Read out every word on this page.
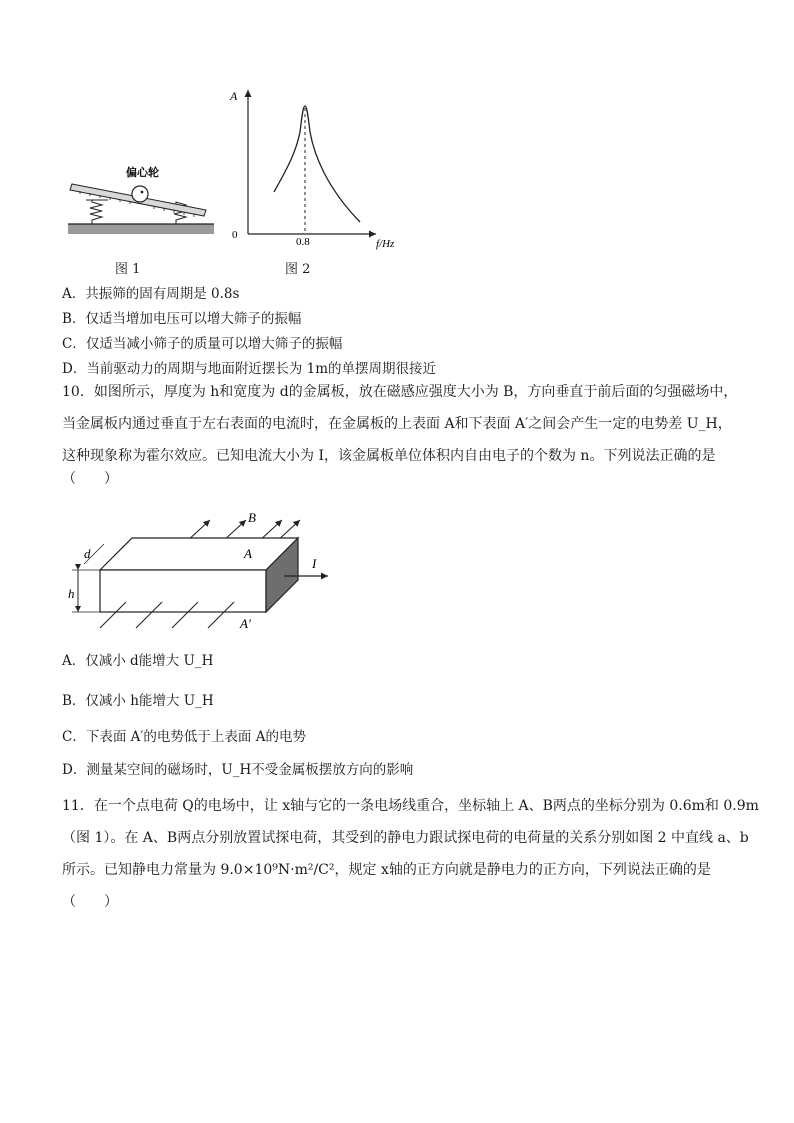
偏心轮
图 1
A
0
0.8	f/Hz
图 2
A．共振筛的固有周期是 0.8s
B．仅适当增加电压可以增大筛子的振幅
C．仅适当减小筛子的质量可以增大筛子的振幅
D．当前驱动力的周期与地面附近摆长为 1m的单摆周期很接近
10．如图所示，厚度为 h和宽度为 d的金属板，放在磁感应强度大小为 B，方向垂直于前后面的匀强磁场中，
当金属板内通过垂直于左右表面的电流时，在金属板的上表面 A和下表面 A′之间会产生一定的电势差 U_H，
这种现象称为霍尔效应。已知电流大小为 I，该金属板单位体积内自由电子的个数为 n。下列说法正确的是
（　　）
B
I
A
A′
d
h
A．仅减小 d能增大 U_H
B．仅减小 h能增大 U_H
C．下表面 A′的电势低于上表面 A的电势
D．测量某空间的磁场时，U_H不受金属板摆放方向的影响
11．在一个点电荷 Q的电场中，让 x轴与它的一条电场线重合，坐标轴上 A、B两点的坐标分别为 0.6m和 0.9m
（图 1）。在 A、B两点分别放置试探电荷，其受到的静电力跟试探电荷的电荷量的关系分别如图 2 中直线 a、b
所示。已知静电力常量为 9.0×10⁹N·m²/C²，规定 x轴的正方向就是静电力的正方向，下列说法正确的是
（　　）
